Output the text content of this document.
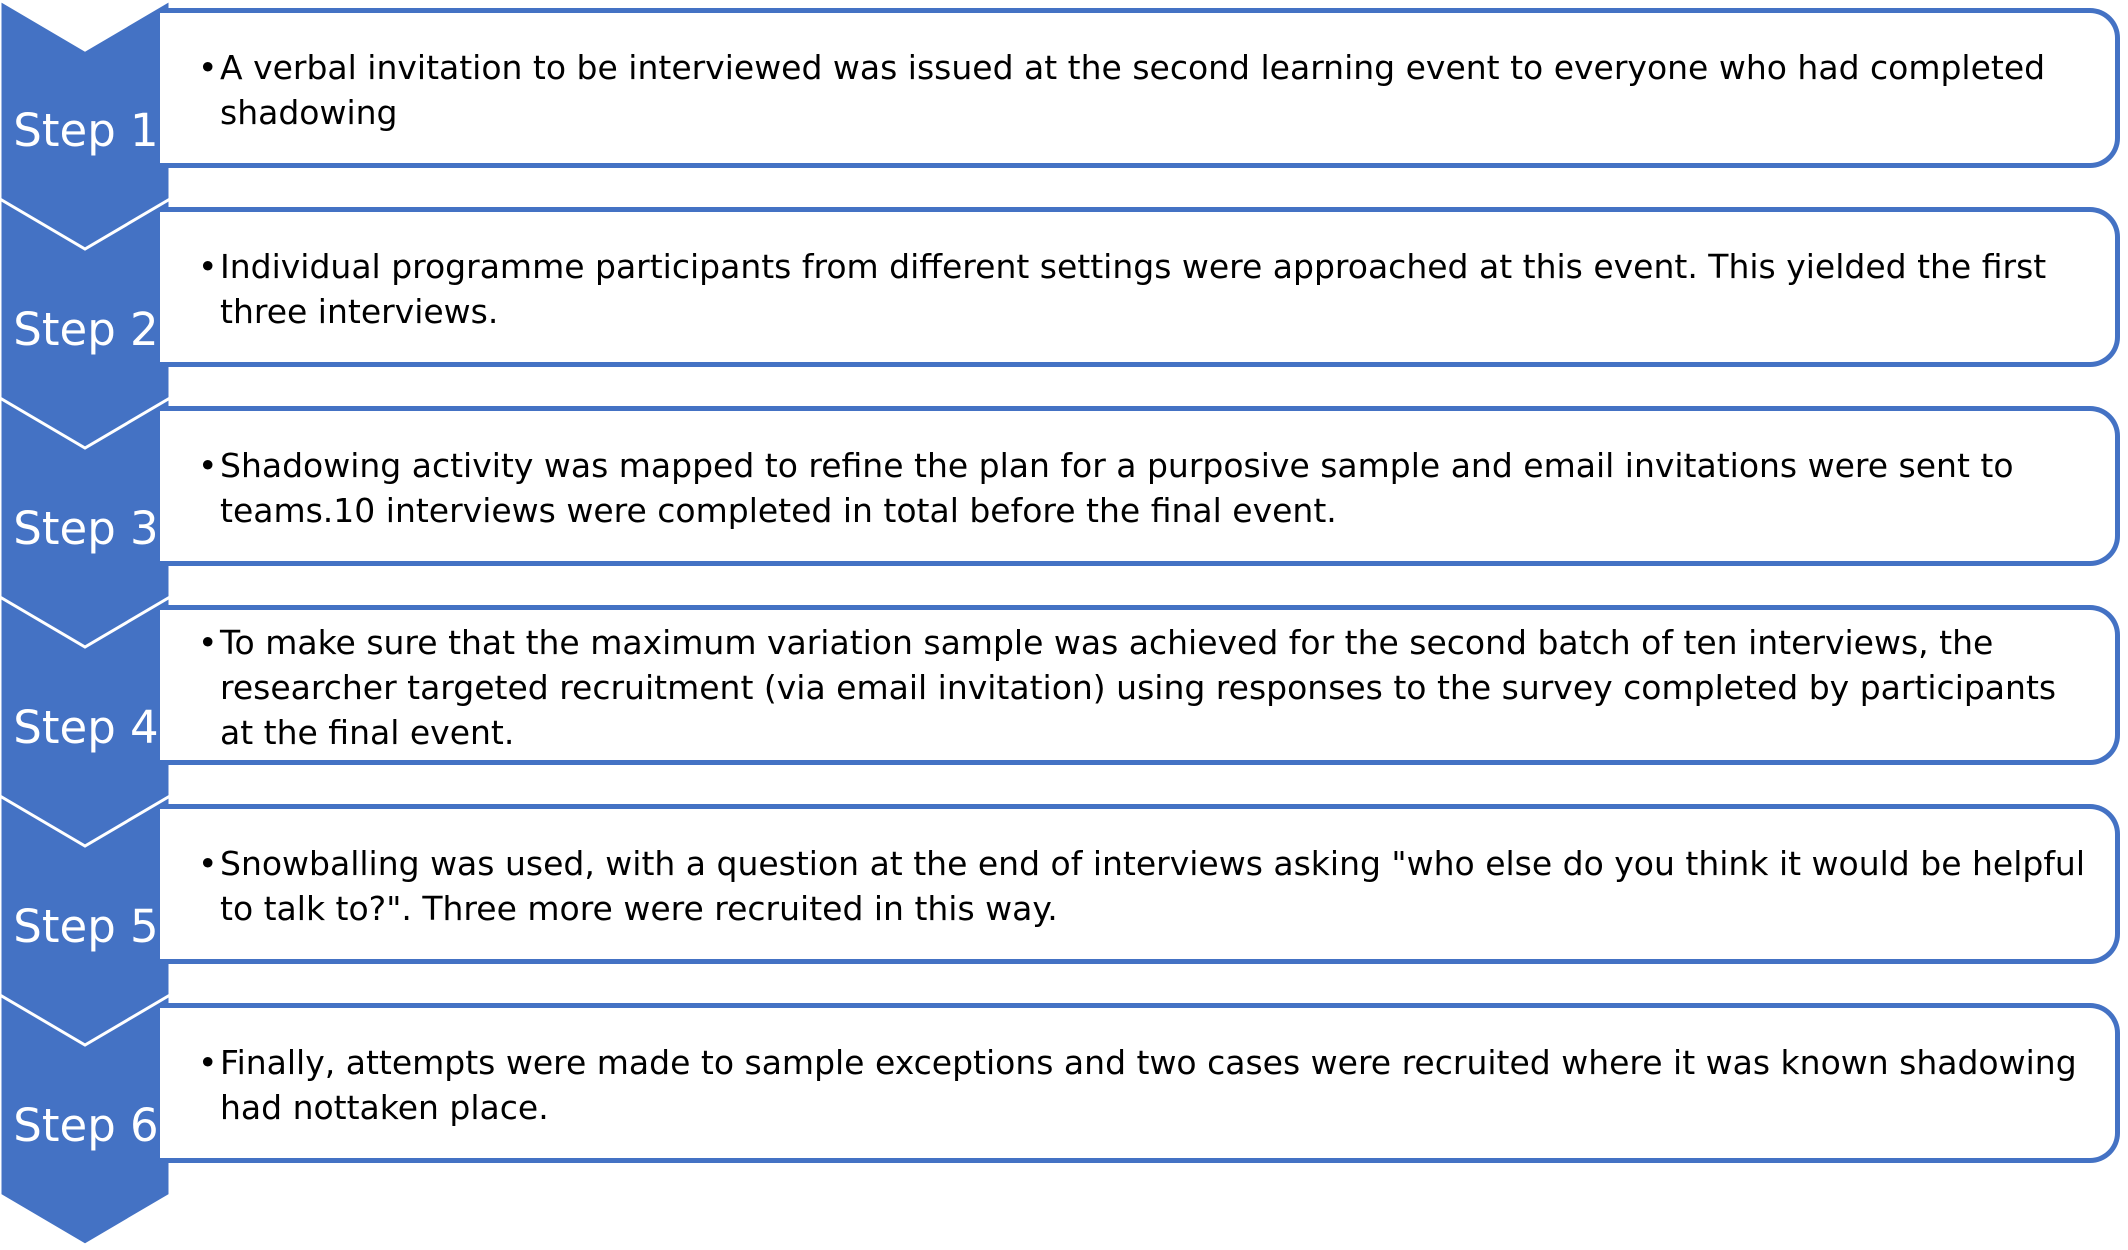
Step 1
Step 2
Step 3
Step 4
Step 5
Step 6
• A verbal invitation to be interviewed was issued at the second learning event to everyone who had completed shadowing
• Individual programme participants from different settings were approached at this event. This yielded the first three interviews.
• Shadowing activity was mapped to refine the plan for a purposive sample and email invitations were sent to teams.10 interviews were completed in total before the final event.
• To make sure that the maximum variation sample was achieved for the second batch of ten interviews, the researcher targeted recruitment (via email invitation) using responses to the survey completed by participants at the final event.
• Snowballing was used, with a question at the end of interviews asking "who else do you think it would be helpful to talk to?". Three more were recruited in this way.
• Finally, attempts were made to sample exceptions and two cases were recruited where it was known shadowing had nottaken place.
